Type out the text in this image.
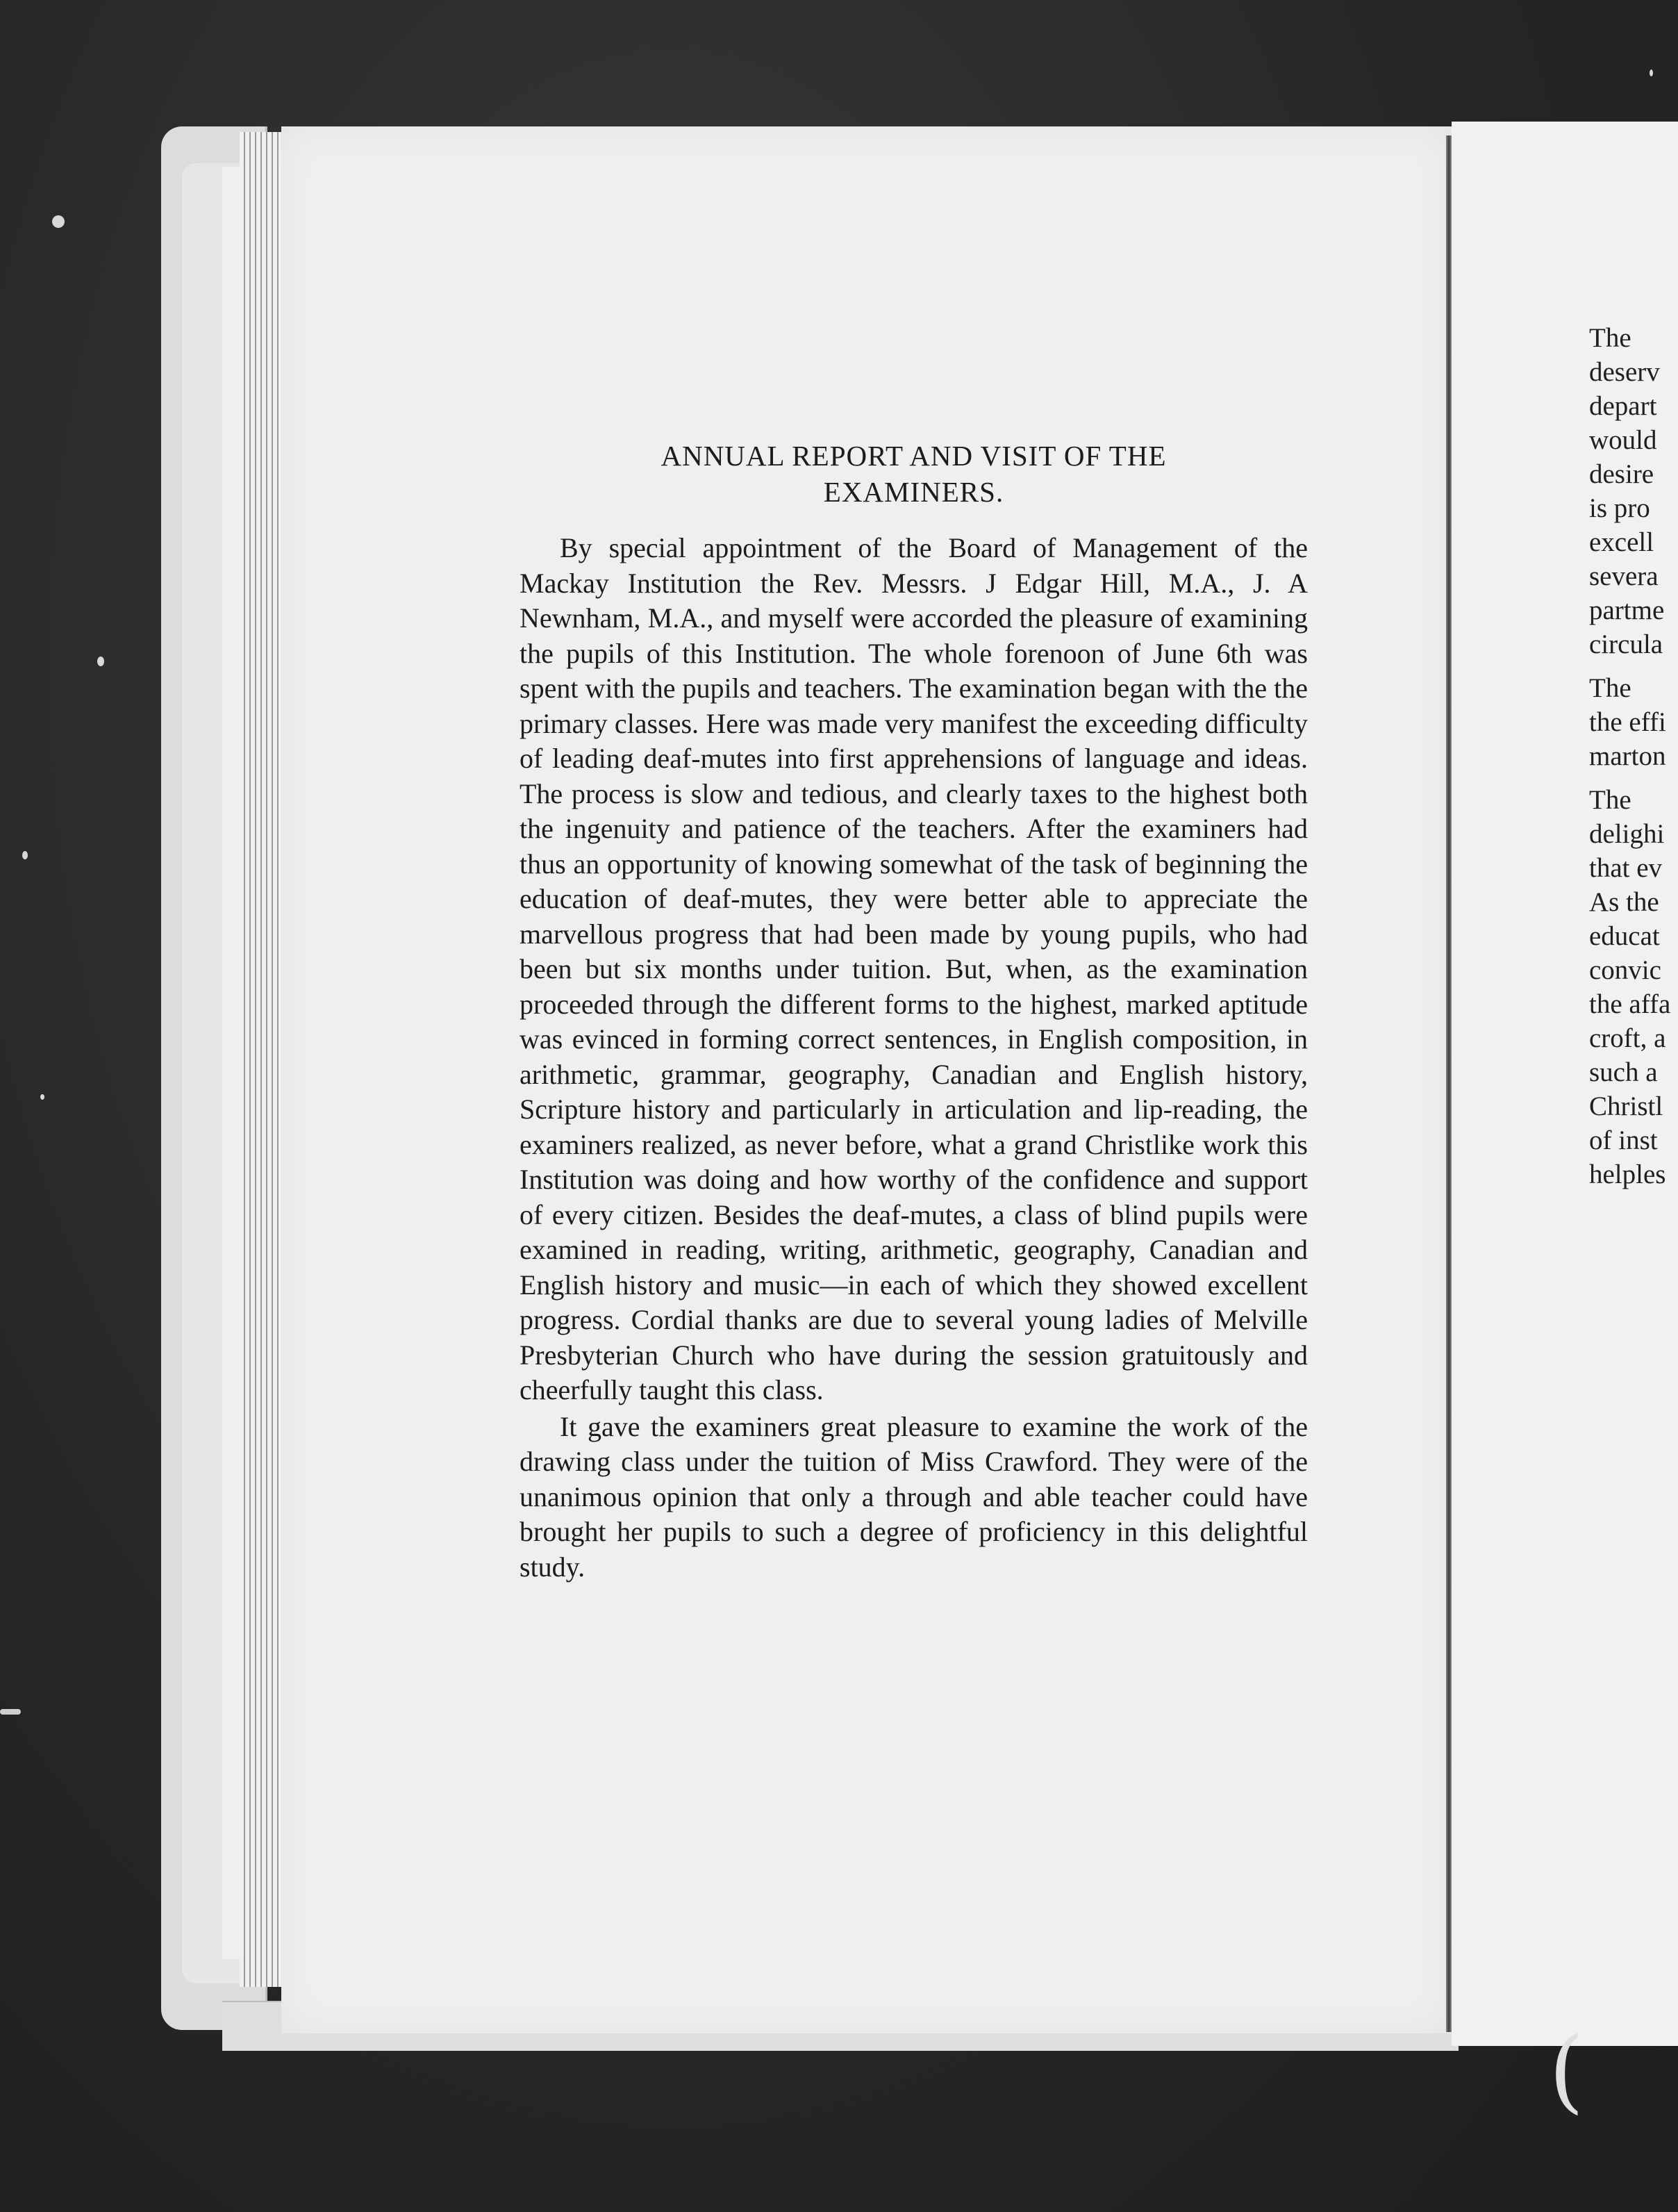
ANNUAL REPORT AND VISIT OF THE
EXAMINERS.

By special appointment of the Board of Management of the Mackay Institution the Rev. Messrs. J Edgar Hill, M.A., J. A Newnham, M.A., and myself were accorded the pleasure of examining the pupils of this Institution. The whole forenoon of June 6th was spent with the pupils and teachers. The examination began with the the primary classes. Here was made very manifest the exceeding difficulty of leading deaf-mutes into first apprehensions of language and ideas. The process is slow and tedious, and clearly taxes to the highest both the ingenuity and patience of the teachers. After the examiners had thus an opportunity of knowing somewhat of the task of beginning the education of deaf-mutes, they were better able to appreciate the marvellous progress that had been made by young pupils, who had been but six months under tuition. But, when, as the examination proceeded through the different forms to the highest, marked aptitude was evinced in forming correct sentences, in English composition, in arithmetic, grammar, geography, Canadian and English history, Scripture history and particularly in articulation and lip-reading, the examiners realized, as never before, what a grand Christlike work this Institution was doing and how worthy of the confidence and support of every citizen. Besides the deaf-mutes, a class of blind pupils were examined in reading, writing, arithmetic, geography, Canadian and English history and music—in each of which they showed excellent progress. Cordial thanks are due to several young ladies of Melville Presbyterian Church who have during the session gratuitously and cheerfully taught this class.

It gave the examiners great pleasure to examine the work of the drawing class under the tuition of Miss Crawford. They were of the unanimous opinion that only a through and able teacher could have brought her pupils to such a degree of proficiency in this delightful study.

The
deserv
depart
would
desire
is pro
excell
severa
partme
circula
The
the effi
marton
The
delighi
that ev
As the
educat
convic
the affa
croft, a
such a
Christl
of inst
helples
(
